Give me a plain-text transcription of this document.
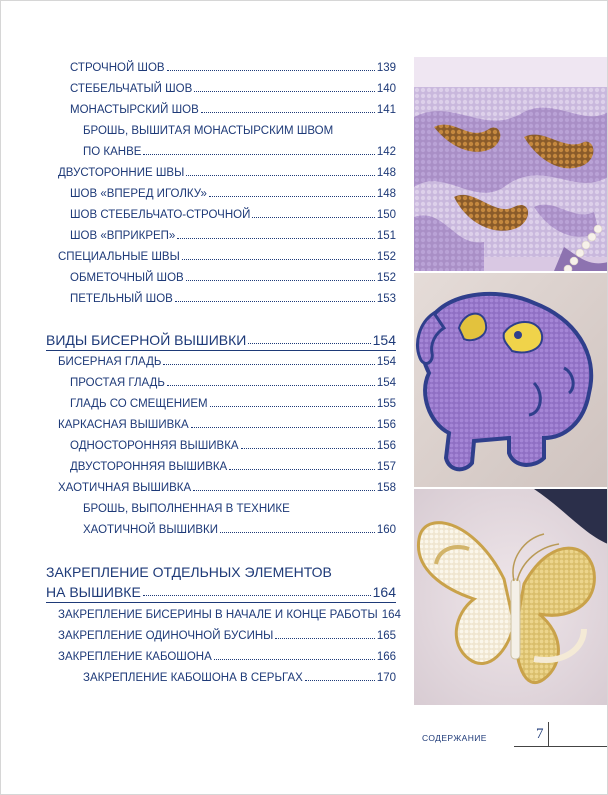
СТРОЧНОЙ ШОВ	139
СТЕБЕЛЬЧАТЫЙ ШОВ	140
МОНАСТЫРСКИЙ ШОВ	141
БРОШЬ, ВЫШИТАЯ МОНАСТЫРСКИМ ШВОМ
ПО КАНВЕ	142
ДВУСТОРОННИЕ ШВЫ	148
ШОВ «ВПЕРЕД ИГОЛКУ»	148
ШОВ СТЕБЕЛЬЧАТО-СТРОЧНОЙ	150
ШОВ «ВПРИКРЕП»	151
СПЕЦИАЛЬНЫЕ ШВЫ	152
ОБМЕТОЧНЫЙ ШОВ	152
ПЕТЕЛЬНЫЙ ШОВ	153
ВИДЫ БИСЕРНОЙ ВЫШИВКИ	154
БИСЕРНАЯ ГЛАДЬ	154
ПРОСТАЯ ГЛАДЬ	154
ГЛАДЬ СО СМЕЩЕНИЕМ	155
КАРКАСНАЯ ВЫШИВКА	156
ОДНОСТОРОННЯЯ ВЫШИВКА	156
ДВУСТОРОННЯЯ ВЫШИВКА	157
ХАОТИЧНАЯ ВЫШИВКА	158
БРОШЬ, ВЫПОЛНЕННАЯ В ТЕХНИКЕ
ХАОТИЧНОЙ ВЫШИВКИ	160
ЗАКРЕПЛЕНИЕ ОТДЕЛЬНЫХ ЭЛЕМЕНТОВ
НА ВЫШИВКЕ	164
ЗАКРЕПЛЕНИЕ БИСЕРИНЫ В НАЧАЛЕ И КОНЦЕ РАБОТЫ 164
ЗАКРЕПЛЕНИЕ ОДИНОЧНОЙ БУСИНЫ	165
ЗАКРЕПЛЕНИЕ КАБОШОНА	166
ЗАКРЕПЛЕНИЕ КАБОШОНА В СЕРЬГАХ	170
СОДЕРЖАНИЕ	7
